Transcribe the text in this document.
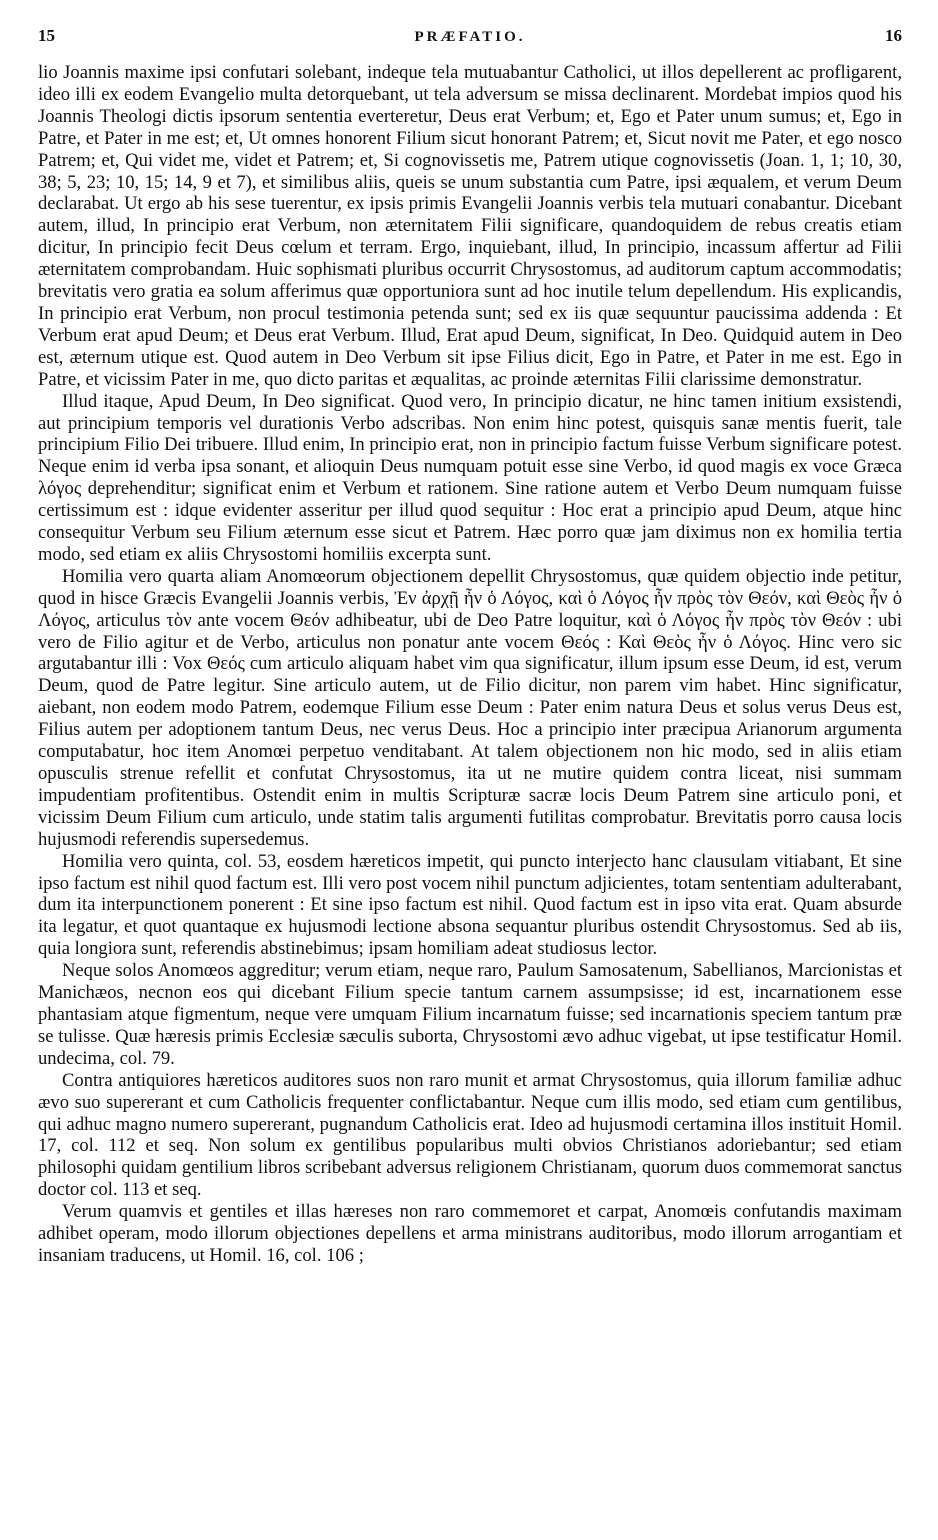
15	PRÆFATIO.	16

lio Joannis maxime ipsi confutari solebant, indeque tela mutuabantur Catholici, ut illos depellerent ac profligarent, ideo illi ex eodem Evangelio multa detorquebant, ut tela adversum se missa declinarent. Mordebat impios quod his Joannis Theologi dictis ipsorum sententia everteretur, Deus erat Verbum; et, Ego et Pater unum sumus; et, Ego in Patre, et Pater in me est; et, Ut omnes honorent Filium sicut honorant Patrem; et, Sicut novit me Pater, et ego nosco Patrem; et, Qui videt me, videt et Patrem; et, Si cognovissetis me, Patrem utique cognovissetis (Joan. 1, 1; 10, 30, 38; 5, 23; 10, 15; 14, 9 et 7), et similibus aliis, queis se unum substantia cum Patre, ipsi æqualem, et verum Deum declarabat. Ut ergo ab his sese tuerentur, ex ipsis primis Evangelii Joannis verbis tela mutuari conabantur. Dicebant autem, illud, In principio erat Verbum, non æternitatem Filii significare, quandoquidem de rebus creatis etiam dicitur, In principio fecit Deus cœlum et terram. Ergo, inquiebant, illud, In principio, incassum affertur ad Filii æternitatem comprobandam. Huic sophismati pluribus occurrit Chrysostomus, ad auditorum captum accommodatis; brevitatis vero gratia ea solum afferimus quæ opportuniora sunt ad hoc inutile telum depellendum. His explicandis, In principio erat Verbum, non procul testimonia petenda sunt; sed ex iis quæ sequuntur paucissima addenda : Et Verbum erat apud Deum; et Deus erat Verbum. Illud, Erat apud Deum, significat, In Deo. Quidquid autem in Deo est, æternum utique est. Quod autem in Deo Verbum sit ipse Filius dicit, Ego in Patre, et Pater in me est. Ego in Patre, et vicissim Pater in me, quo dicto paritas et æqualitas, ac proinde æternitas Filii clarissime demonstratur.

Illud itaque, Apud Deum, In Deo significat. Quod vero, In principio dicatur, ne hinc tamen initium exsistendi, aut principium temporis vel durationis Verbo adscribas. Non enim hinc potest, quisquis sanæ mentis fuerit, tale principium Filio Dei tribuere. Illud enim, In principio erat, non in principio factum fuisse Verbum significare potest. Neque enim id verba ipsa sonant, et alioquin Deus numquam potuit esse sine Verbo, id quod magis ex voce Græca λόγος deprehenditur; significat enim et Verbum et rationem. Sine ratione autem et Verbo Deum numquam fuisse certissimum est : idque evidenter asseritur per illud quod sequitur : Hoc erat a principio apud Deum, atque hinc consequitur Verbum seu Filium æternum esse sicut et Patrem. Hæc porro quæ jam diximus non ex homilia tertia modo, sed etiam ex aliis Chrysostomi homiliis excerpta sunt.

Homilia vero quarta aliam Anomœorum objectionem depellit Chrysostomus, quæ quidem objectio inde petitur, quod in hisce Græcis Evangelii Joannis verbis, Ἐν ἀρχῇ ἦν ὁ Λόγος, καὶ ὁ Λόγος ἦν πρὸς τὸν Θεόν, καὶ Θεὸς ἦν ὁ Λόγος, articulus τὸν ante vocem Θεόν adhibeatur, ubi de Deo Patre loquitur, καὶ ὁ Λόγος ἦν πρὸς τὸν Θεόν : ubi vero de Filio agitur et de Verbo, articulus non ponatur ante vocem Θεός : Καὶ Θεὸς ἦν ὁ Λόγος. Hinc vero sic argutabantur illi : Vox Θεός cum articulo aliquam habet vim qua significatur, illum ipsum esse Deum, id est, verum Deum, quod de Patre legitur. Sine articulo autem, ut de Filio dicitur, non parem vim habet. Hinc significatur, aiebant, non eodem modo Patrem, eodemque Filium esse Deum : Pater enim natura Deus et solus verus Deus est, Filius autem per adoptionem tantum Deus, nec verus Deus. Hoc a principio inter præcipua Arianorum argumenta computabatur, hoc item Anomœi perpetuo venditabant. At talem objectionem non hic modo, sed in aliis etiam opusculis strenue refellit et confutat Chrysostomus, ita ut ne mutire quidem contra liceat, nisi summam impudentiam profitentibus. Ostendit enim in multis Scripturæ sacræ locis Deum Patrem sine articulo poni, et vicissim Deum Filium cum articulo, unde statim talis argumenti futilitas comprobatur. Brevitatis porro causa locis hujusmodi referendis supersedemus.

Homilia vero quinta, col. 53, eosdem hæreticos impetit, qui puncto interjecto hanc clausulam vitiabant, Et sine ipso factum est nihil quod factum est. Illi vero post vocem nihil punctum adjicientes, totam sententiam adulterabant, dum ita interpunctionem ponerent : Et sine ipso factum est nihil. Quod factum est in ipso vita erat. Quam absurde ita legatur, et quot quantaque ex hujusmodi lectione absona sequantur pluribus ostendit Chrysostomus. Sed ab iis, quia longiora sunt, referendis abstinebimus; ipsam homiliam adeat studiosus lector.

Neque solos Anomœos aggreditur; verum etiam, neque raro, Paulum Samosatenum, Sabellianos, Marcionistas et Manichæos, necnon eos qui dicebant Filium specie tantum carnem assumpsisse; id est, incarnationem esse phantasiam atque figmentum, neque vere umquam Filium incarnatum fuisse; sed incarnationis speciem tantum præ se tulisse. Quæ hæresis primis Ecclesiæ sæculis suborta, Chrysostomi ævo adhuc vigebat, ut ipse testificatur Homil. undecima, col. 79.

Contra antiquiores hæreticos auditores suos non raro munit et armat Chrysostomus, quia illorum familiæ adhuc ævo suo supererant et cum Catholicis frequenter conflictabantur. Neque cum illis modo, sed etiam cum gentilibus, qui adhuc magno numero supererant, pugnandum Catholicis erat. Ideo ad hujusmodi certamina illos instituit Homil. 17, col. 112 et seq. Non solum ex gentilibus popularibus multi obvios Christianos adoriebantur; sed etiam philosophi quidam gentilium libros scribebant adversus religionem Christianam, quorum duos commemorat sanctus doctor col. 113 et seq.

Verum quamvis et gentiles et illas hæreses non raro commemoret et carpat, Anomœis confutandis maximam adhibet operam, modo illorum objectiones depellens et arma ministrans auditoribus, modo illorum arrogantiam et insaniam traducens, ut Homil. 16, col. 106 ;
